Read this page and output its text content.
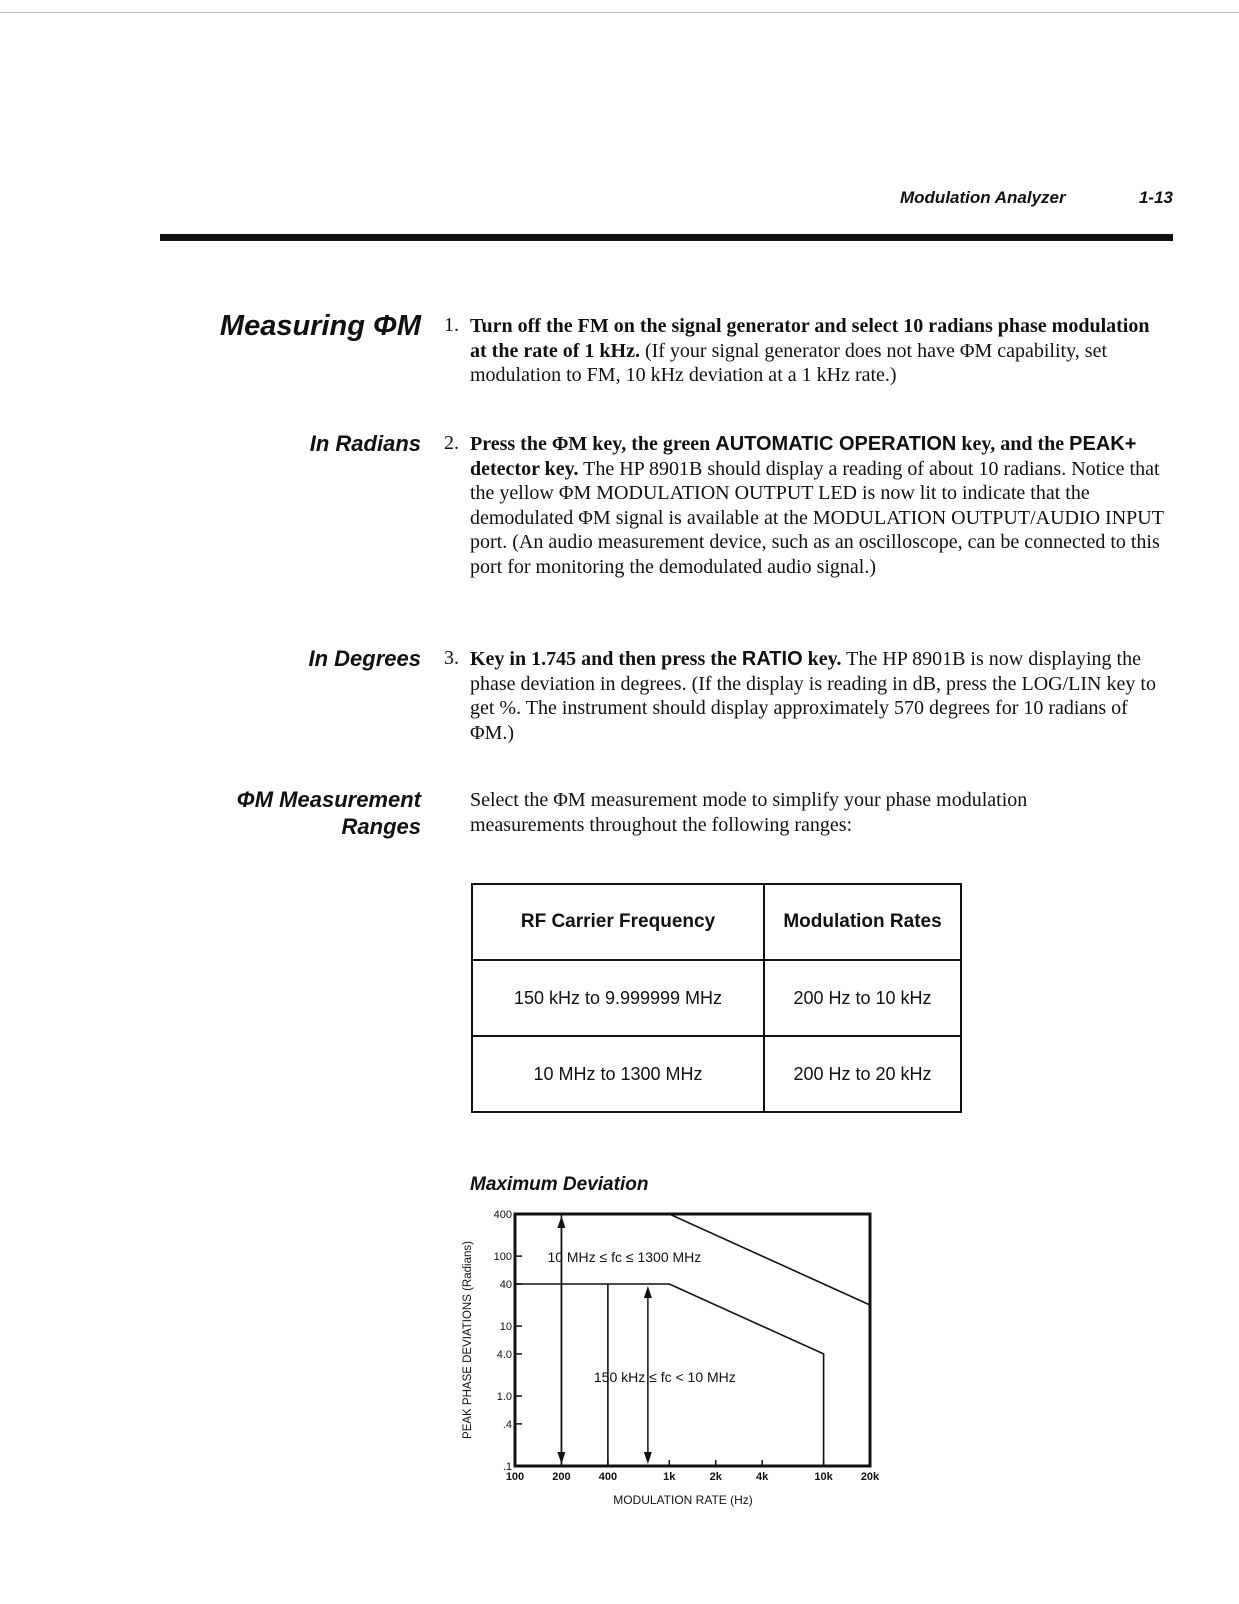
Modulation Analyzer	1-13
Measuring ΦM
In Radians
In Degrees
ΦM Measurement
Ranges
1. Turn off the FM on the signal generator and select 10 radians phase modulation at the rate of 1 kHz. (If your signal generator does not have ΦM capability, set modulation to FM, 10 kHz deviation at a 1 kHz rate.)
2. Press the ΦM key, the green AUTOMATIC OPERATION key, and the PEAK+ detector key. The HP 8901B should display a reading of about 10 radians. Notice that the yellow ΦM MODULATION OUTPUT LED is now lit to indicate that the demodulated ΦM signal is available at the MODULATION OUTPUT/AUDIO INPUT port. (An audio measurement device, such as an oscilloscope, can be connected to this port for monitoring the demodulated audio signal.)
3. Key in 1.745 and then press the RATIO key. The HP 8901B is now displaying the phase deviation in degrees. (If the display is reading in dB, press the LOG/LIN key to get %. The instrument should display approximately 570 degrees for 10 radians of ΦM.)
Select the ΦM measurement mode to simplify your phase modulation measurements throughout the following ranges:
RF Carrier Frequency	Modulation Rates
150 kHz to 9.999999 MHz	200 Hz to 10 kHz
10 MHz to 1300 MHz	200 Hz to 20 kHz
Maximum Deviation
.1
.4
1.0
4.0
10
40
100
400
100	200	400	1k	2k	4k	10k	20k
10 MHz ≤ fc ≤ 1300 MHz
150 kHz ≤ fc < 10 MHz
PEAK PHASE DEVIATIONS (Radians)
MODULATION RATE (Hz)
